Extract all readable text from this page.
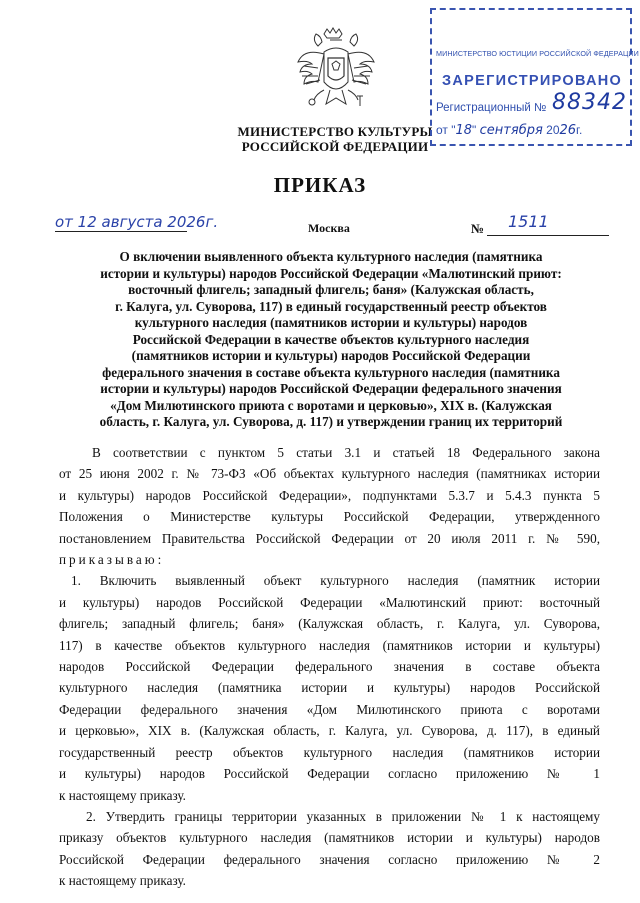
МИНИСТЕРСТВО КУЛЬТУРЫ
РОССИЙСКОЙ ФЕДЕРАЦИИ
МИНИСТЕРСТВО ЮСТИЦИИ РОССИЙСКОЙ ФЕДЕРАЦИИ
ЗАРЕГИСТРИРОВАНО
Регистрационный № 88342
от "18" сентября 2026г.
ПРИКАЗ
от 12 августа 2026г.	Москва	№ 1511
О включении выявленного объекта культурного наследия (памятника
истории и культуры) народов Российской Федерации «Малютинский приют:
восточный флигель; западный флигель; баня» (Калужская область,
г. Калуга, ул. Суворова, 117) в единый государственный реестр объектов
культурного наследия (памятников истории и культуры) народов
Российской Федерации в качестве объектов культурного наследия
(памятников истории и культуры) народов Российской Федерации
федерального значения в составе объекта культурного наследия (памятника
истории и культуры) народов Российской Федерации федерального значения
«Дом Милютинского приюта с воротами и церковью», XIX в. (Калужская
область, г. Калуга, ул. Суворова, д. 117) и утверждении границ их территорий
В соответствии с пунктом 5 статьи 3.1 и статьей 18 Федерального закона
от 25 июня 2002 г. № 73-ФЗ «Об объектах культурного наследия (памятниках истории
и культуры) народов Российской Федерации», подпунктами 5.3.7 и 5.4.3 пункта 5
Положения о Министерстве культуры Российской Федерации, утвержденного
постановлением Правительства Российской Федерации от 20 июля 2011 г. № 590,
приказываю:
1. Включить выявленный объект культурного наследия (памятник истории
и культуры) народов Российской Федерации «Малютинский приют: восточный
флигель; западный флигель; баня» (Калужская область, г. Калуга, ул. Суворова,
117) в качестве объектов культурного наследия (памятников истории и культуры)
народов Российской Федерации федерального значения в составе объекта
культурного наследия (памятника истории и культуры) народов Российской
Федерации федерального значения «Дом Милютинского приюта с воротами
и церковью», XIX в. (Калужская область, г. Калуга, ул. Суворова, д. 117), в единый
государственный реестр объектов культурного наследия (памятников истории
и культуры) народов Российской Федерации согласно приложению № 1
к настоящему приказу.
2. Утвердить границы территории указанных в приложении № 1 к настоящему
приказу объектов культурного наследия (памятников истории и культуры) народов
Российской Федерации федерального значения согласно приложению № 2
к настоящему приказу.
